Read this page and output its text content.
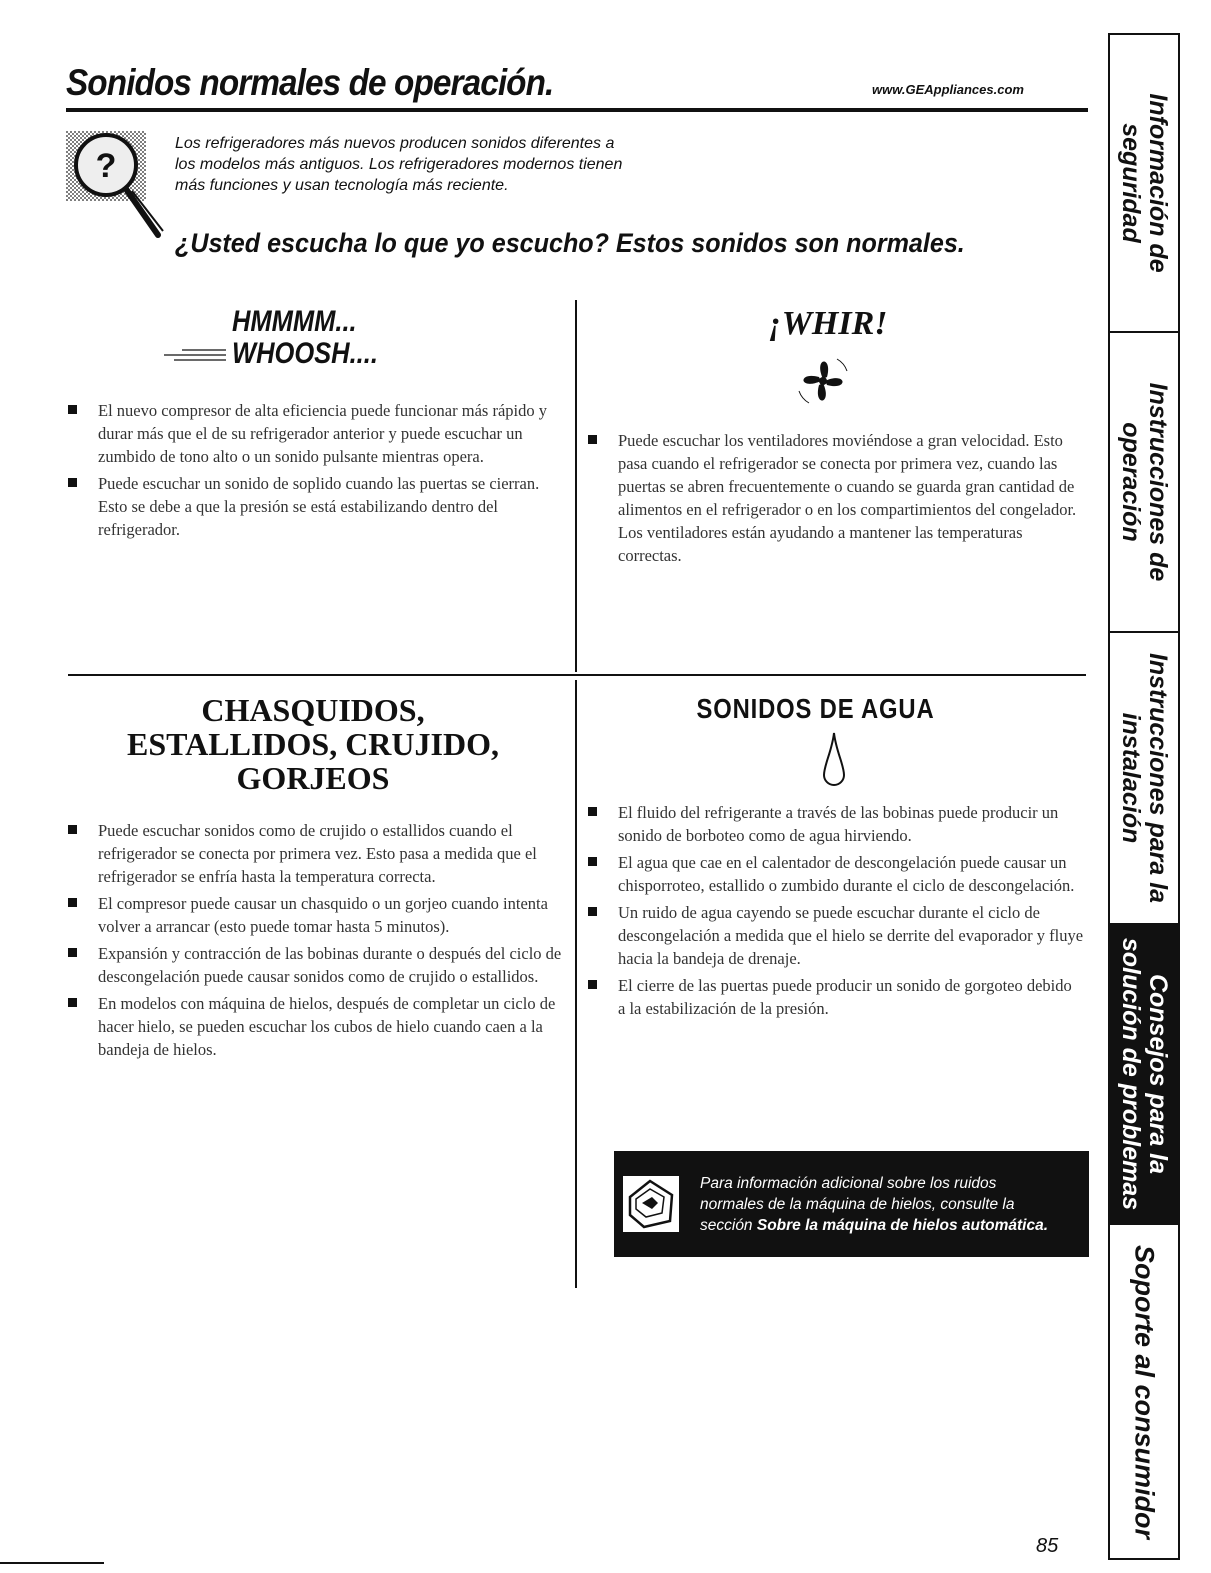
Sonidos normales de operación.	www.GEAppliances.com
?
Los refrigeradores más nuevos producen sonidos diferentes a
los modelos más antiguos. Los refrigeradores modernos tienen
más funciones y usan tecnología más reciente.
¿Usted escucha lo que yo escucho? Estos sonidos son normales.
HMMMM...
WHOOSH....
El nuevo compresor de alta eficiencia puede funcionar más rápido y durar más que el de su refrigerador anterior y puede escuchar un zumbido de tono alto o un sonido pulsante mientras opera.
Puede escuchar un sonido de soplido cuando las puertas se cierran. Esto se debe a que la presión se está estabilizando dentro del refrigerador.
¡WHIR!
Puede escuchar los ventiladores moviéndose a gran velocidad. Esto pasa cuando el refrigerador se conecta por primera vez, cuando las puertas se abren frecuentemente o cuando se guarda gran cantidad de alimentos en el refrigerador o en los compartimientos del congelador. Los ventiladores están ayudando a mantener las temperaturas correctas.
CHASQUIDOS,
ESTALLIDOS, CRUJIDO,
GORJEOS
Puede escuchar sonidos como de crujido o estallidos cuando el refrigerador se conecta por primera vez. Esto pasa a medida que el refrigerador se enfría hasta la temperatura correcta.
El compresor puede causar un chasquido o un gorjeo cuando intenta volver a arrancar (esto puede tomar hasta 5 minutos).
Expansión y contracción de las bobinas durante o después del ciclo de descongelación puede causar sonidos como de crujido o estallidos.
En modelos con máquina de hielos, después de completar un ciclo de hacer hielo, se pueden escuchar los cubos de hielo cuando caen a la bandeja de hielos.
SONIDOS DE AGUA
El fluido del refrigerante a través de las bobinas puede producir un sonido de borboteo como de agua hirviendo.
El agua que cae en el calentador de descongelación puede causar un chisporroteo, estallido o zumbido durante el ciclo de descongelación.
Un ruido de agua cayendo se puede escuchar durante el ciclo de descongelación a medida que el hielo se derrite del evaporador y fluye hacia la bandeja de drenaje.
El cierre de las puertas puede producir un sonido de gorgoteo debido a la estabilización de la presión.
Para información adicional sobre los ruidos normales de la máquina de hielos, consulte la sección Sobre la máquina de hielos automática.
Información de
seguridad
Instrucciones de
operación
Instrucciones para la
instalación
Consejos para la
solución de problemas
Soporte al consumidor
85
